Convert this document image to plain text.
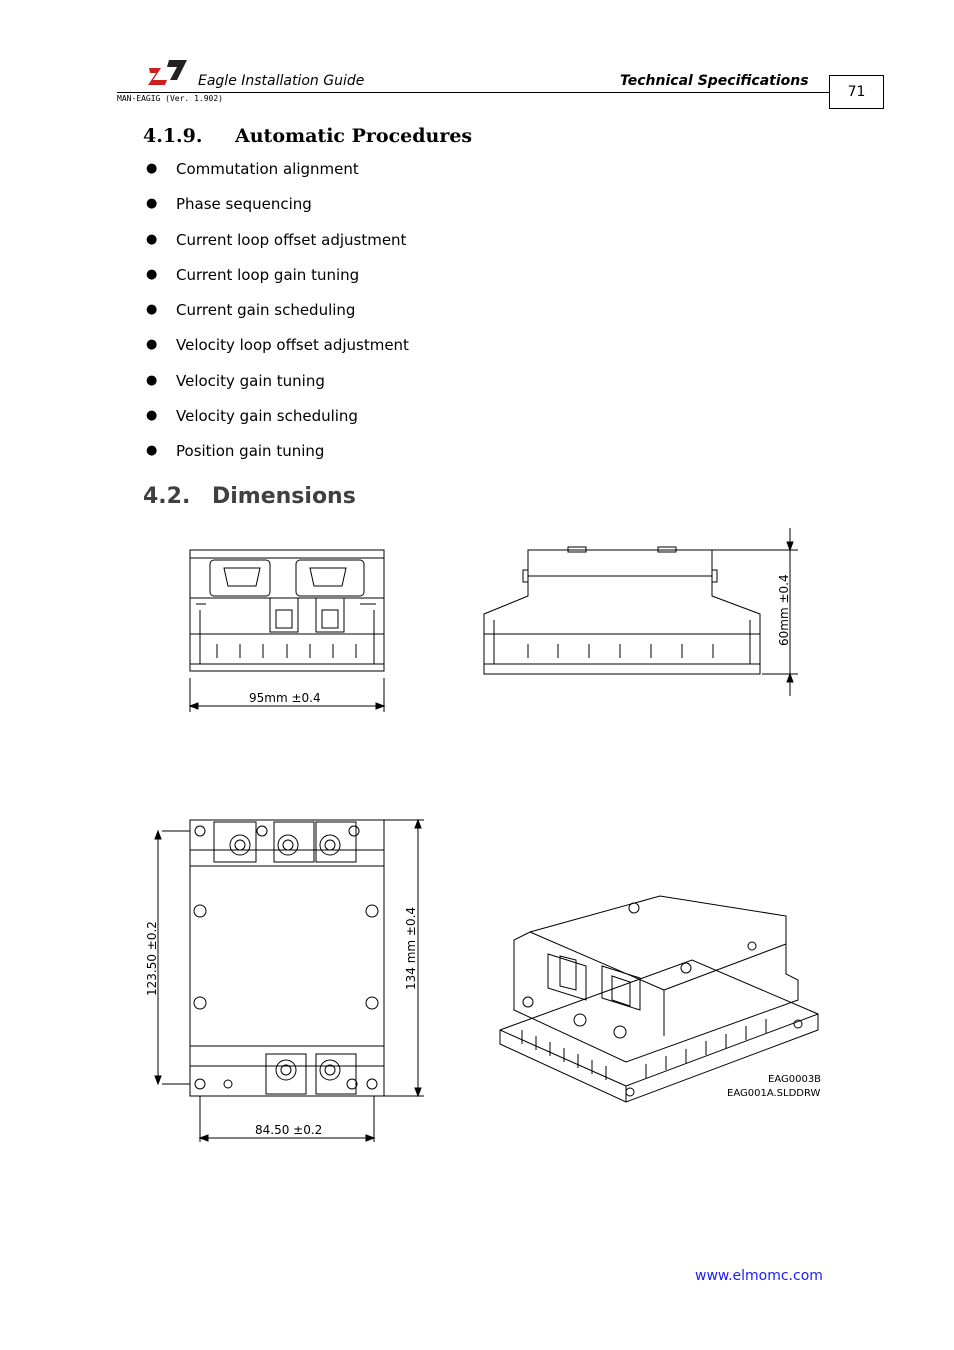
Eagle Installation Guide	Technical Specifications
MAN-EAGIG (Ver. 1.902)	71
4.1.9. Automatic Procedures
●	Commutation alignment
●	Phase sequencing
●	Current loop offset adjustment
●	Current loop gain tuning
●	Current gain scheduling
●	Velocity loop offset adjustment
●	Velocity gain tuning
●	Velocity gain scheduling
●	Position gain tuning
4.2. Dimensions
95mm ±0.4
60mm ±0.4
123.50 ±0.2	134 mm ±0.4
84.50 ±0.2
EAG0003B
EAG001A.SLDDRW
www.elmomc.com
